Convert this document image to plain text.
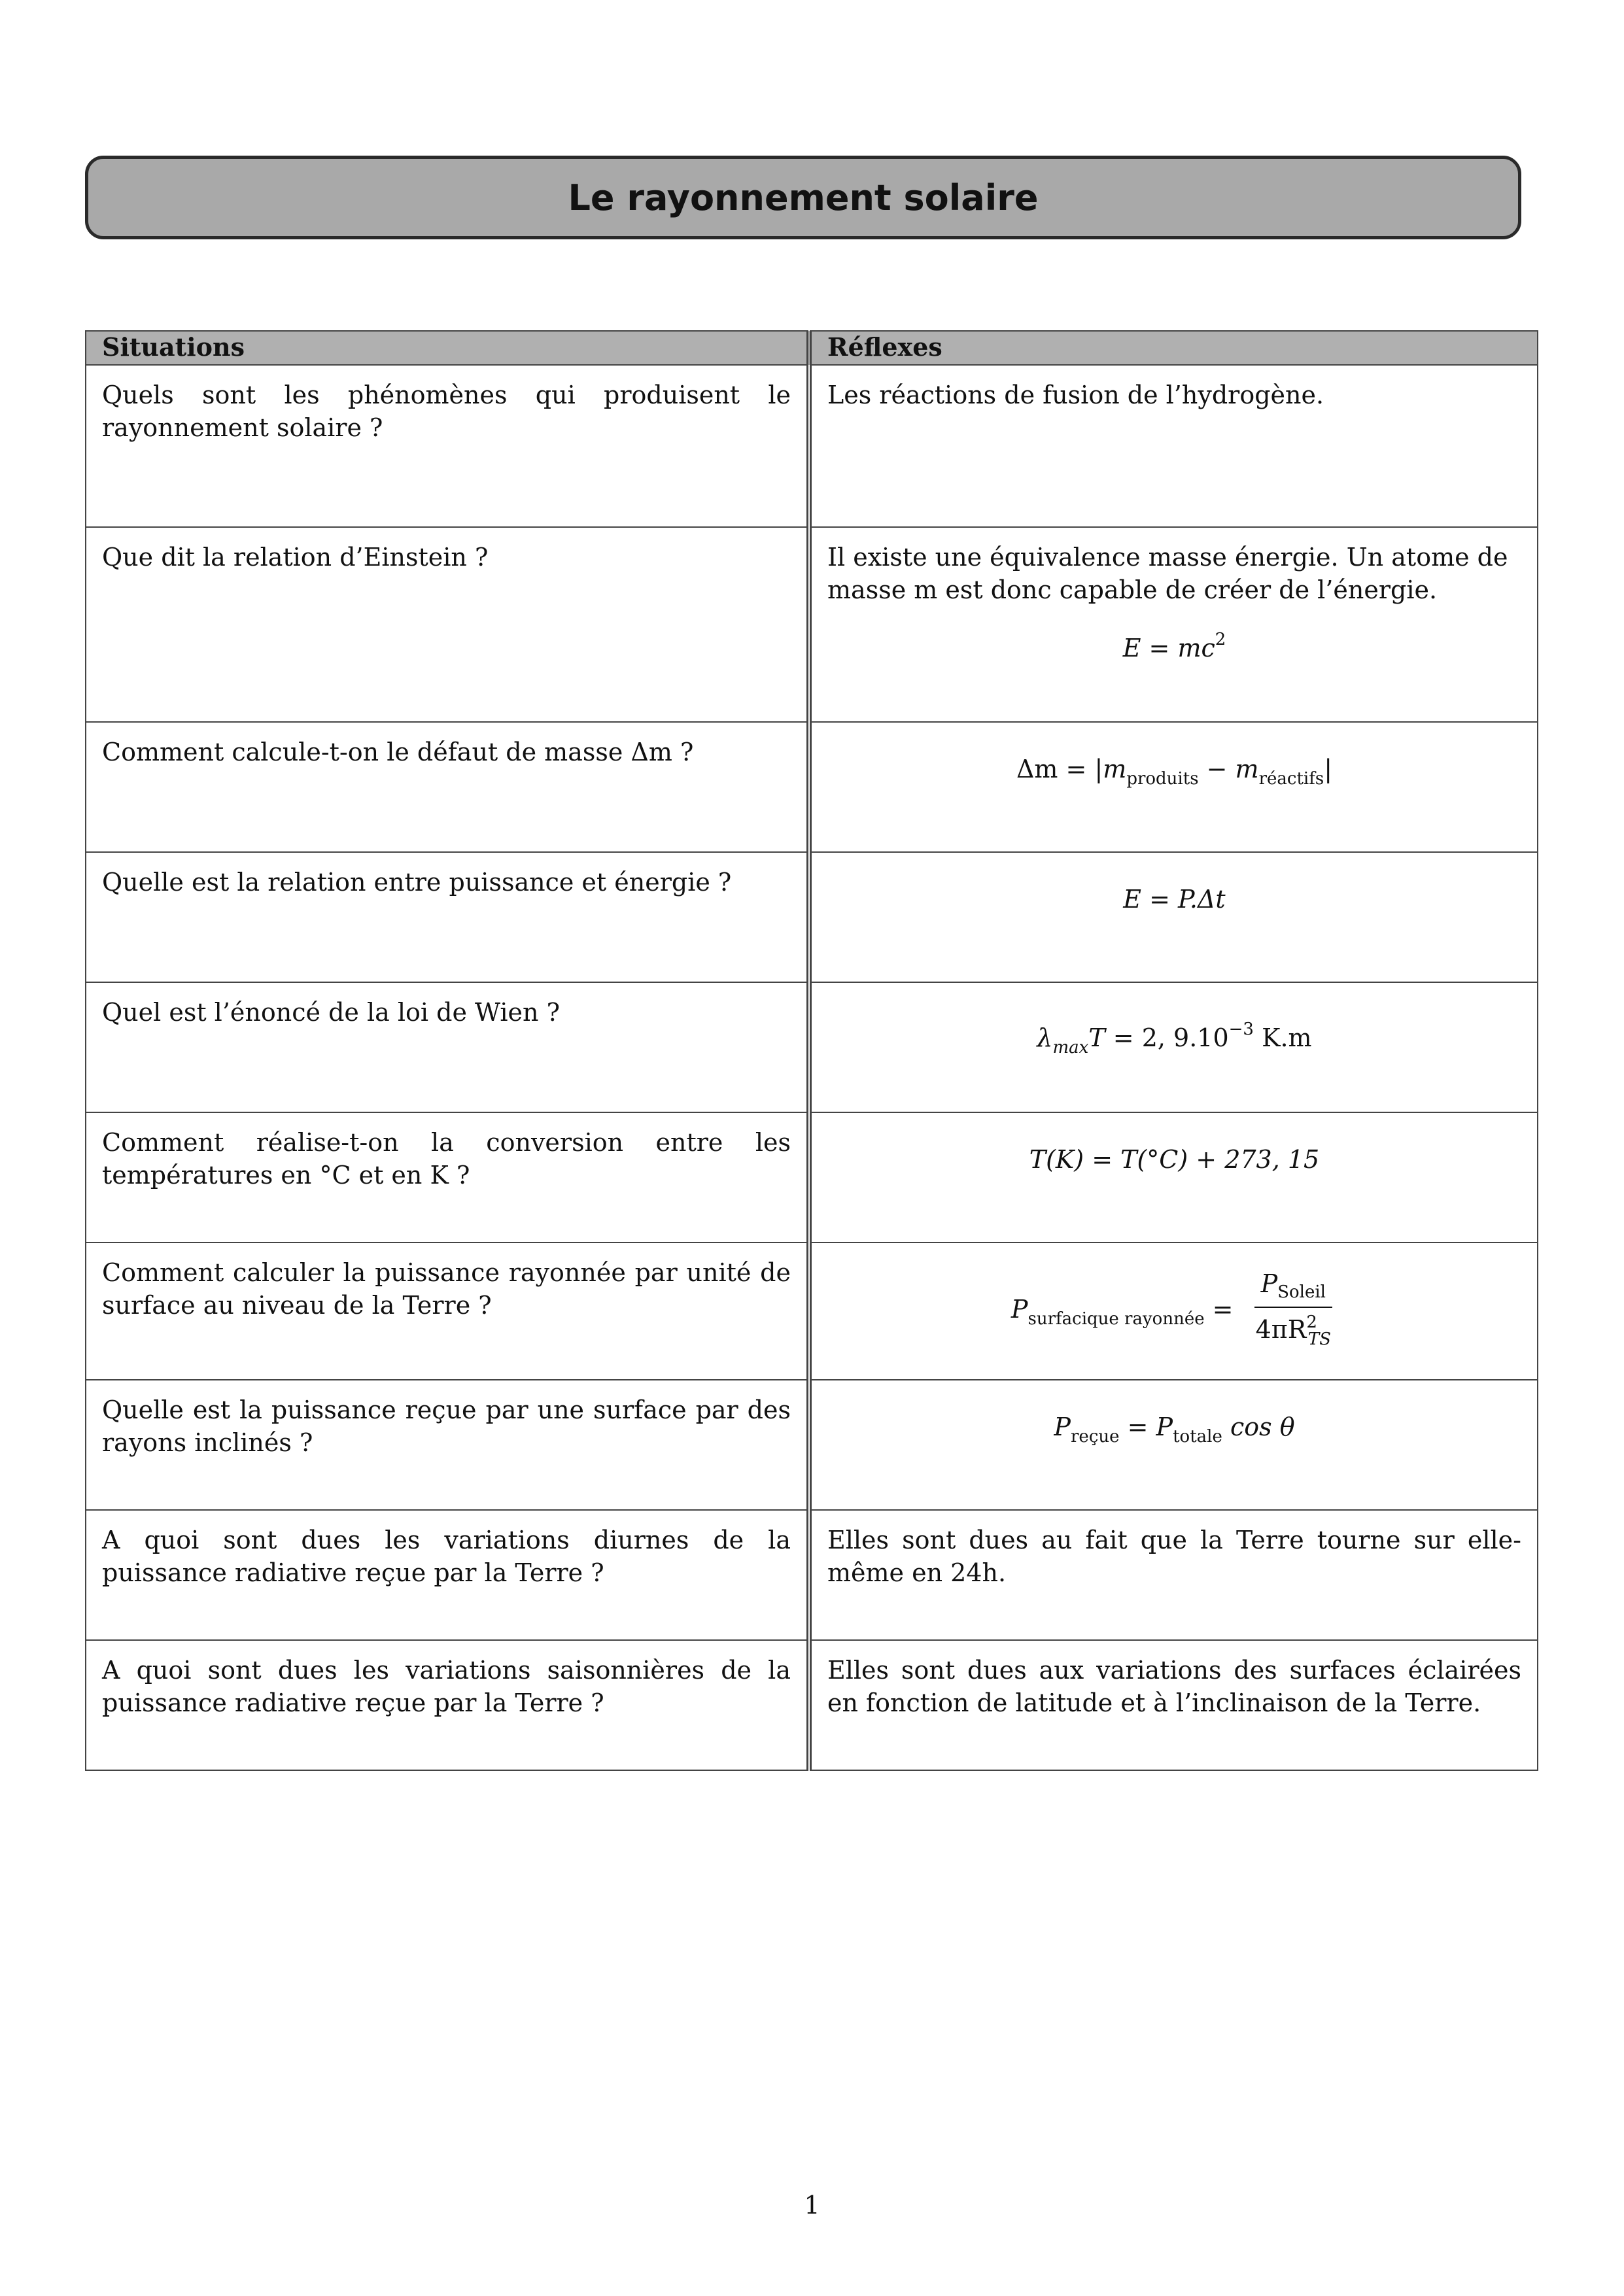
Le rayonnement solaire
Situations	Réflexes
Quels sont les phénomènes qui produisent le rayonnement solaire ?	Les réactions de fusion de l’hydrogène.
Que dit la relation d’Einstein ?	Il existe une équivalence masse énergie. Un atome de masse m est donc capable de créer de l’énergie.
$E = mc^2$

Comment calcule-t-on le défaut de masse Δm ?	$\Delta m = |m_{produits} - m_{réactifs}|$

Quelle est la relation entre puissance et énergie ?	E = P.Δt

Quel est l’énoncé de la loi de Wien ?	$\lambda_{max}T = 2$, $9.10^{-3}$ K.m

Comment réalise-t-on la conversion entre les températures en °C et en K ?	T(K) = T(°C) + 273, 15

Comment calculer la puissance rayonnée par unité de surface au niveau de la Terre ?	$P_{surfacique rayonnée} = \frac{P_{Soleil}}{4\pi R^2_{TS}}$

Quelle est la puissance reçue par une surface par des rayons inclinés ?	$P_{reçue} = P_{totale}$ cos θ

A quoi sont dues les variations diurnes de la puissance radiative reçue par la Terre ?	Elles sont dues au fait que la Terre tourne sur elle-même en 24h.
A quoi sont dues les variations saisonnières de la puissance radiative reçue par la Terre ?	Elles sont dues aux variations des surfaces éclairées en fonction de latitude et à l’inclinaison de la Terre.
1
